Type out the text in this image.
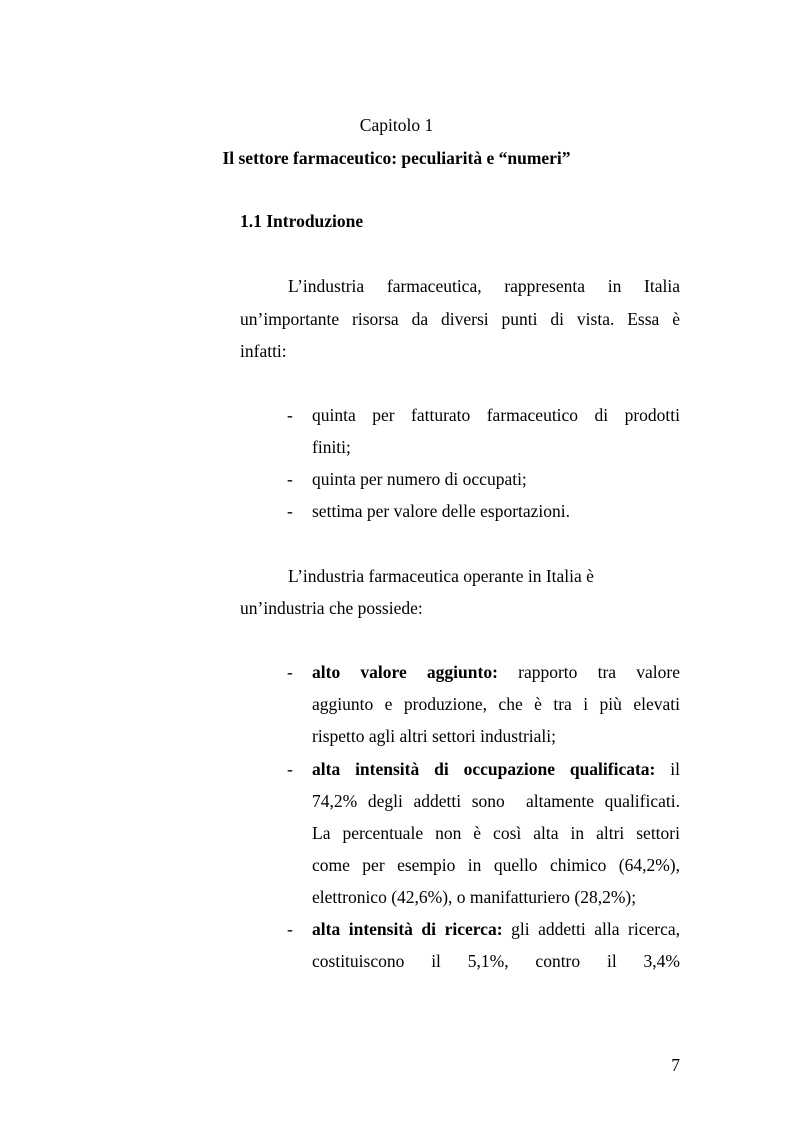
Capitolo 1
Il settore farmaceutico: peculiarità e “numeri”
1.1 Introduzione
L’industria farmaceutica, rappresenta in Italia
un’importante risorsa da diversi punti di vista. Essa è
infatti:
- quinta per fatturato farmaceutico di prodotti
finiti;
- quinta per numero di occupati;
- settima per valore delle esportazioni.
L’industria farmaceutica operante in Italia è
un’industria che possiede:
- alto valore aggiunto: rapporto tra valore
aggiunto e produzione, che è tra i più elevati
rispetto agli altri settori industriali;
- alta intensità di occupazione qualificata: il
74,2% degli addetti sono  altamente qualificati.
La percentuale non è così alta in altri settori
come per esempio in quello chimico (64,2%),
elettronico (42,6%), o manifatturiero (28,2%);
- alta intensità di ricerca: gli addetti alla ricerca,
costituiscono il 5,1%, contro il 3,4%
7
